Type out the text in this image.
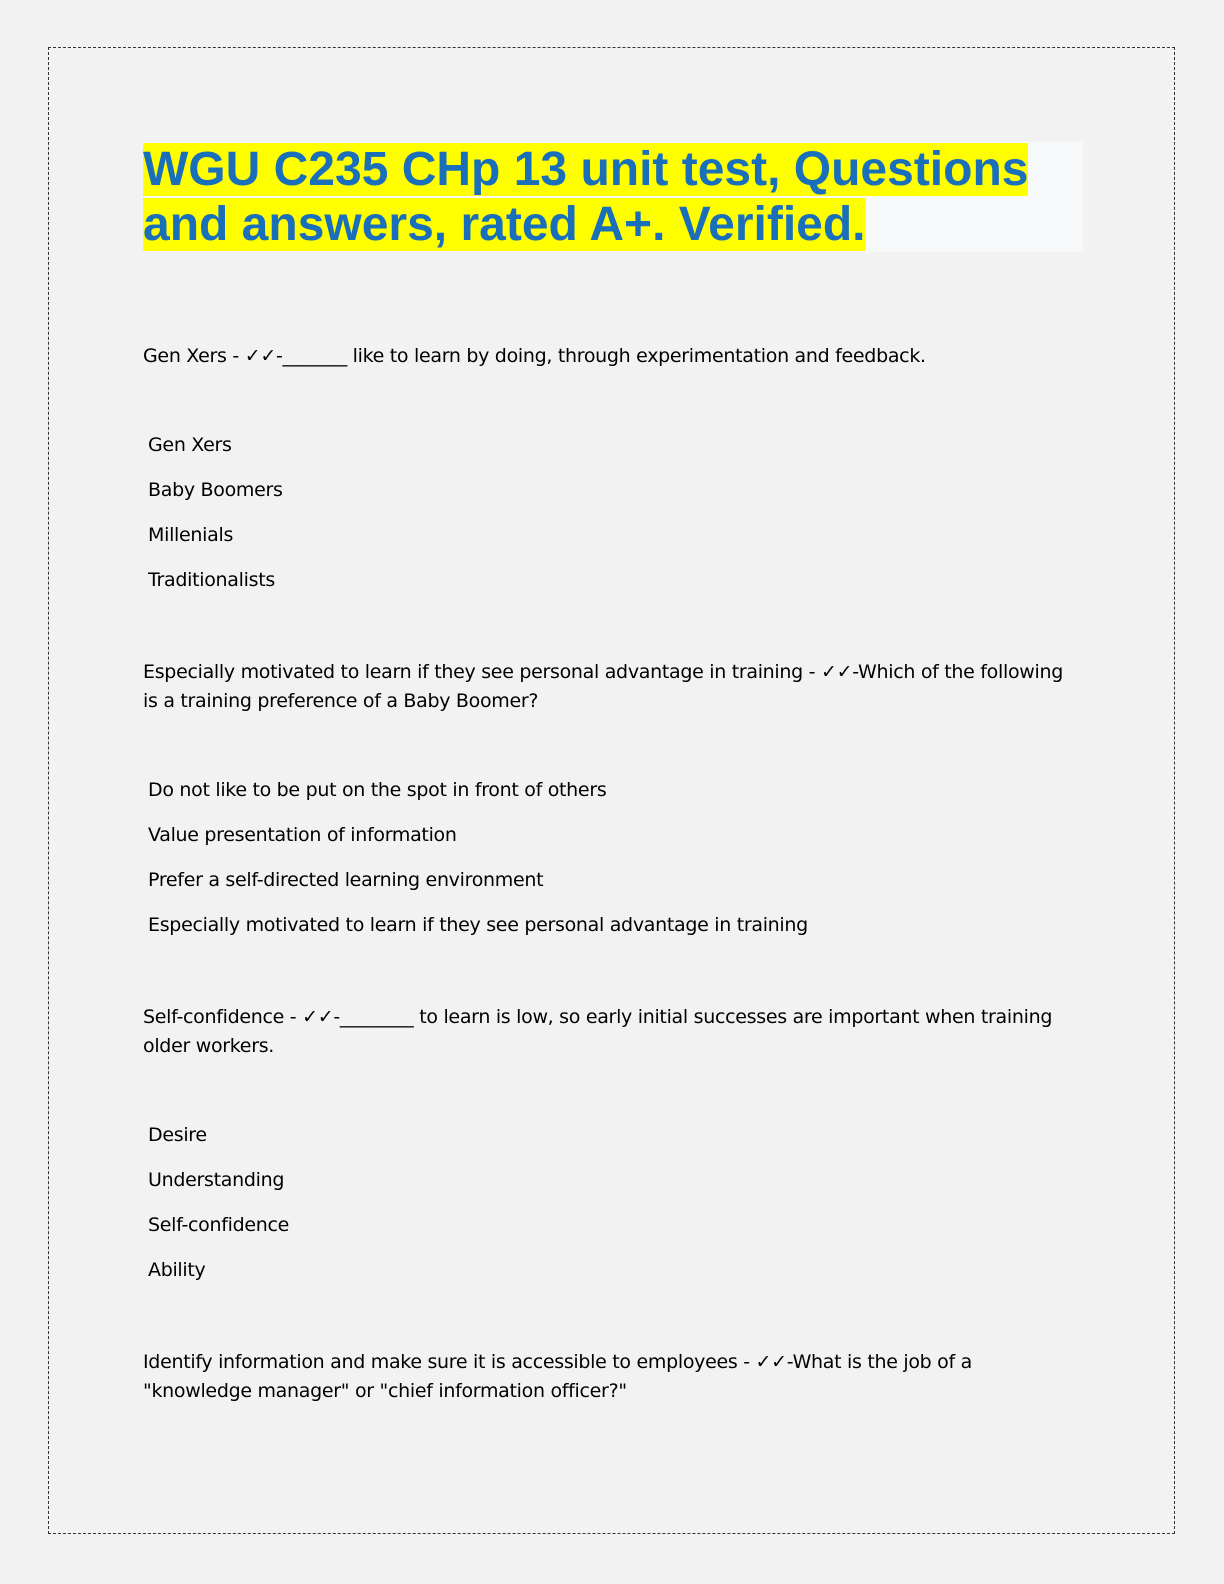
WGU C235 CHp 13 unit test, Questions
and answers, rated A+. Verified.

Gen Xers - ✓✓-_______ like to learn by doing, through experimentation and feedback.

Gen Xers
Baby Boomers
Millenials
Traditionalists

Especially motivated to learn if they see personal advantage in training - ✓✓-Which of the following is a training preference of a Baby Boomer?

Do not like to be put on the spot in front of others
Value presentation of information
Prefer a self-directed learning environment
Especially motivated to learn if they see personal advantage in training

Self-confidence - ✓✓-________ to learn is low, so early initial successes are important when training older workers.

Desire
Understanding
Self-confidence
Ability

Identify information and make sure it is accessible to employees - ✓✓-What is the job of a "knowledge manager" or "chief information officer?"
